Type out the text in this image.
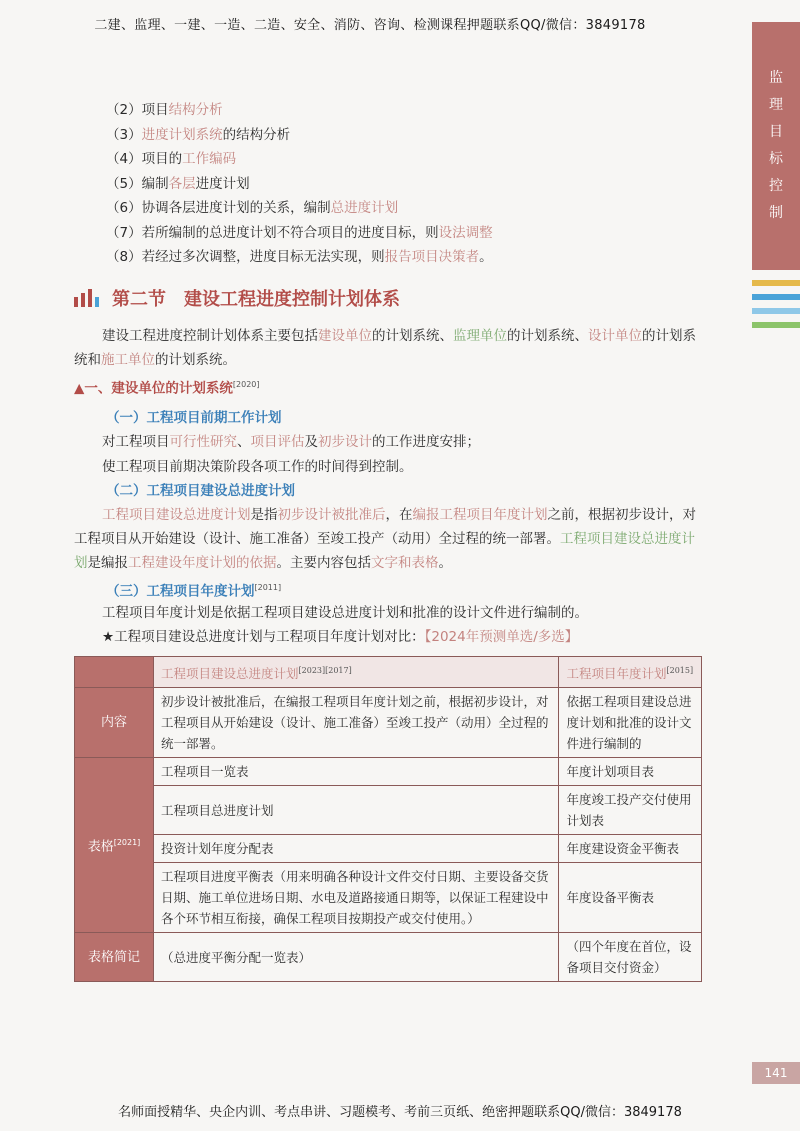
二建、监理、一建、一造、二造、安全、消防、咨询、检测课程押题联系QQ/微信：3849178
监
理
目
标
控
制
（2）项目结构分析
（3）进度计划系统的结构分析
（4）项目的工作编码
（5）编制各层进度计划
（6）协调各层进度计划的关系，编制总进度计划
（7）若所编制的总进度计划不符合项目的进度目标，则设法调整
（8）若经过多次调整，进度目标无法实现，则报告项目决策者。
第二节　建设工程进度控制计划体系
建设工程进度控制计划体系主要包括建设单位的计划系统、监理单位的计划系统、设计单位的计划系统和施工单位的计划系统。
▲一、建设单位的计划系统[2020]
（一）工程项目前期工作计划
对工程项目可行性研究、项目评估及初步设计的工作进度安排；
使工程项目前期决策阶段各项工作的时间得到控制。
（二）工程项目建设总进度计划
工程项目建设总进度计划是指初步设计被批准后，在编报工程项目年度计划之前，根据初步设计，对工程项目从开始建设（设计、施工准备）至竣工投产（动用）全过程的统一部署。工程项目建设总进度计划是编报工程建设年度计划的依据。主要内容包括文字和表格。
（三）工程项目年度计划[2011]
工程项目年度计划是依据工程项目建设总进度计划和批准的设计文件进行编制的。
★工程项目建设总进度计划与工程项目年度计划对比：【2024年预测单选/多选】
	工程项目建设总进度计划[2023][2017]	工程项目年度计划[2015]
内容	初步设计被批准后，在编报工程项目年度计划之前，根据初步设计，对工程项目从开始建设（设计、施工准备）至竣工投产（动用）全过程的统一部署。	依据工程项目建设总进度计划和批准的设计文件进行编制的
表格[2021]	工程项目一览表	年度计划项目表
	工程项目总进度计划	年度竣工投产交付使用计划表
	投资计划年度分配表	年度建设资金平衡表
	工程项目进度平衡表（用来明确各种设计文件交付日期、主要设备交货日期、施工单位进场日期、水电及道路接通日期等，以保证工程建设中各个环节相互衔接，确保工程项目按期投产或交付使用。）	年度设备平衡表
表格简记	（总进度平衡分配一览表）	（四个年度在首位，设备项目交付资金）
141
名师面授精华、央企内训、考点串讲、习题模考、考前三页纸、绝密押题联系QQ/微信：3849178
